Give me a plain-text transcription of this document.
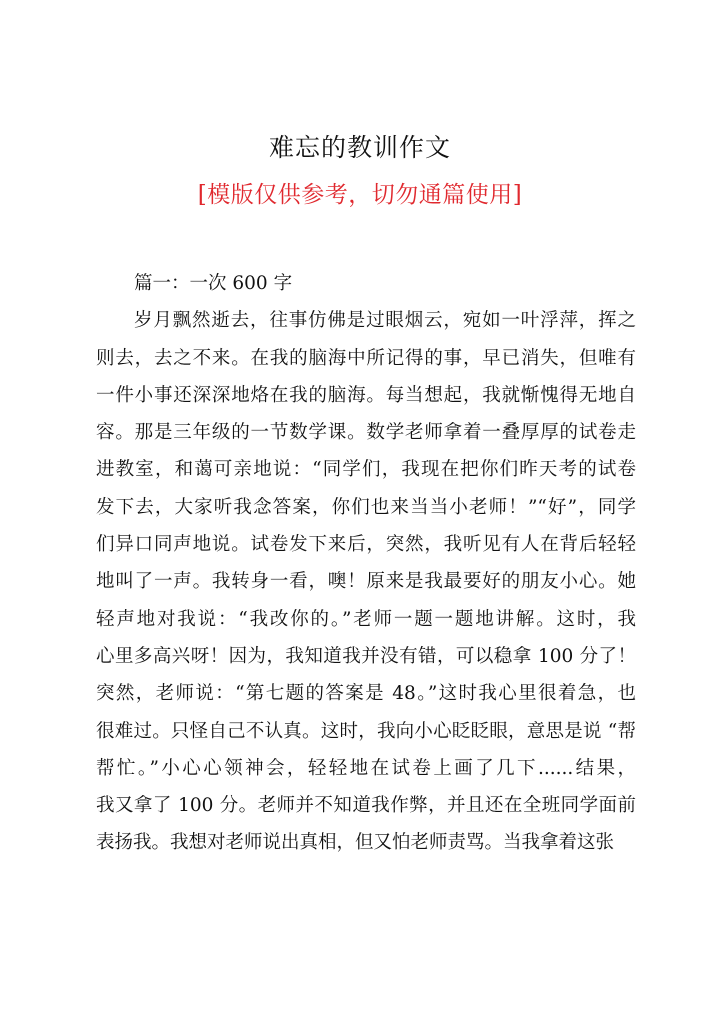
难忘的教训作文
[模版仅供参考，切勿通篇使用]
篇一：一次 600 字
岁月飘然逝去，往事仿佛是过眼烟云，宛如一叶浮萍，挥之
则去，去之不来。在我的脑海中所记得的事，早已消失，但唯有
一件小事还深深地烙在我的脑海。每当想起，我就惭愧得无地自
容。那是三年级的一节数学课。数学老师拿着一叠厚厚的试卷走
进教室，和蔼可亲地说：“同学们，我现在把你们昨天考的试卷
发下去，大家听我念答案，你们也来当当小老师！”“好”，同学
们异口同声地说。试卷发下来后，突然，我听见有人在背后轻轻
地叫了一声。我转身一看，噢！原来是我最要好的朋友小心。她
轻声地对我说：“我改你的。”老师一题一题地讲解。这时，我
心里多高兴呀！因为，我知道我并没有错，可以稳拿 100 分了！
突然，老师说：“第七题的答案是 48。”这时我心里很着急，也
很难过。只怪自己不认真。这时，我向小心眨眨眼，意思是说 “帮
帮忙。”小心心领神会，轻轻地在试卷上画了几下......结果，
我又拿了 100 分。老师并不知道我作弊，并且还在全班同学面前
表扬我。我想对老师说出真相，但又怕老师责骂。当我拿着这张
